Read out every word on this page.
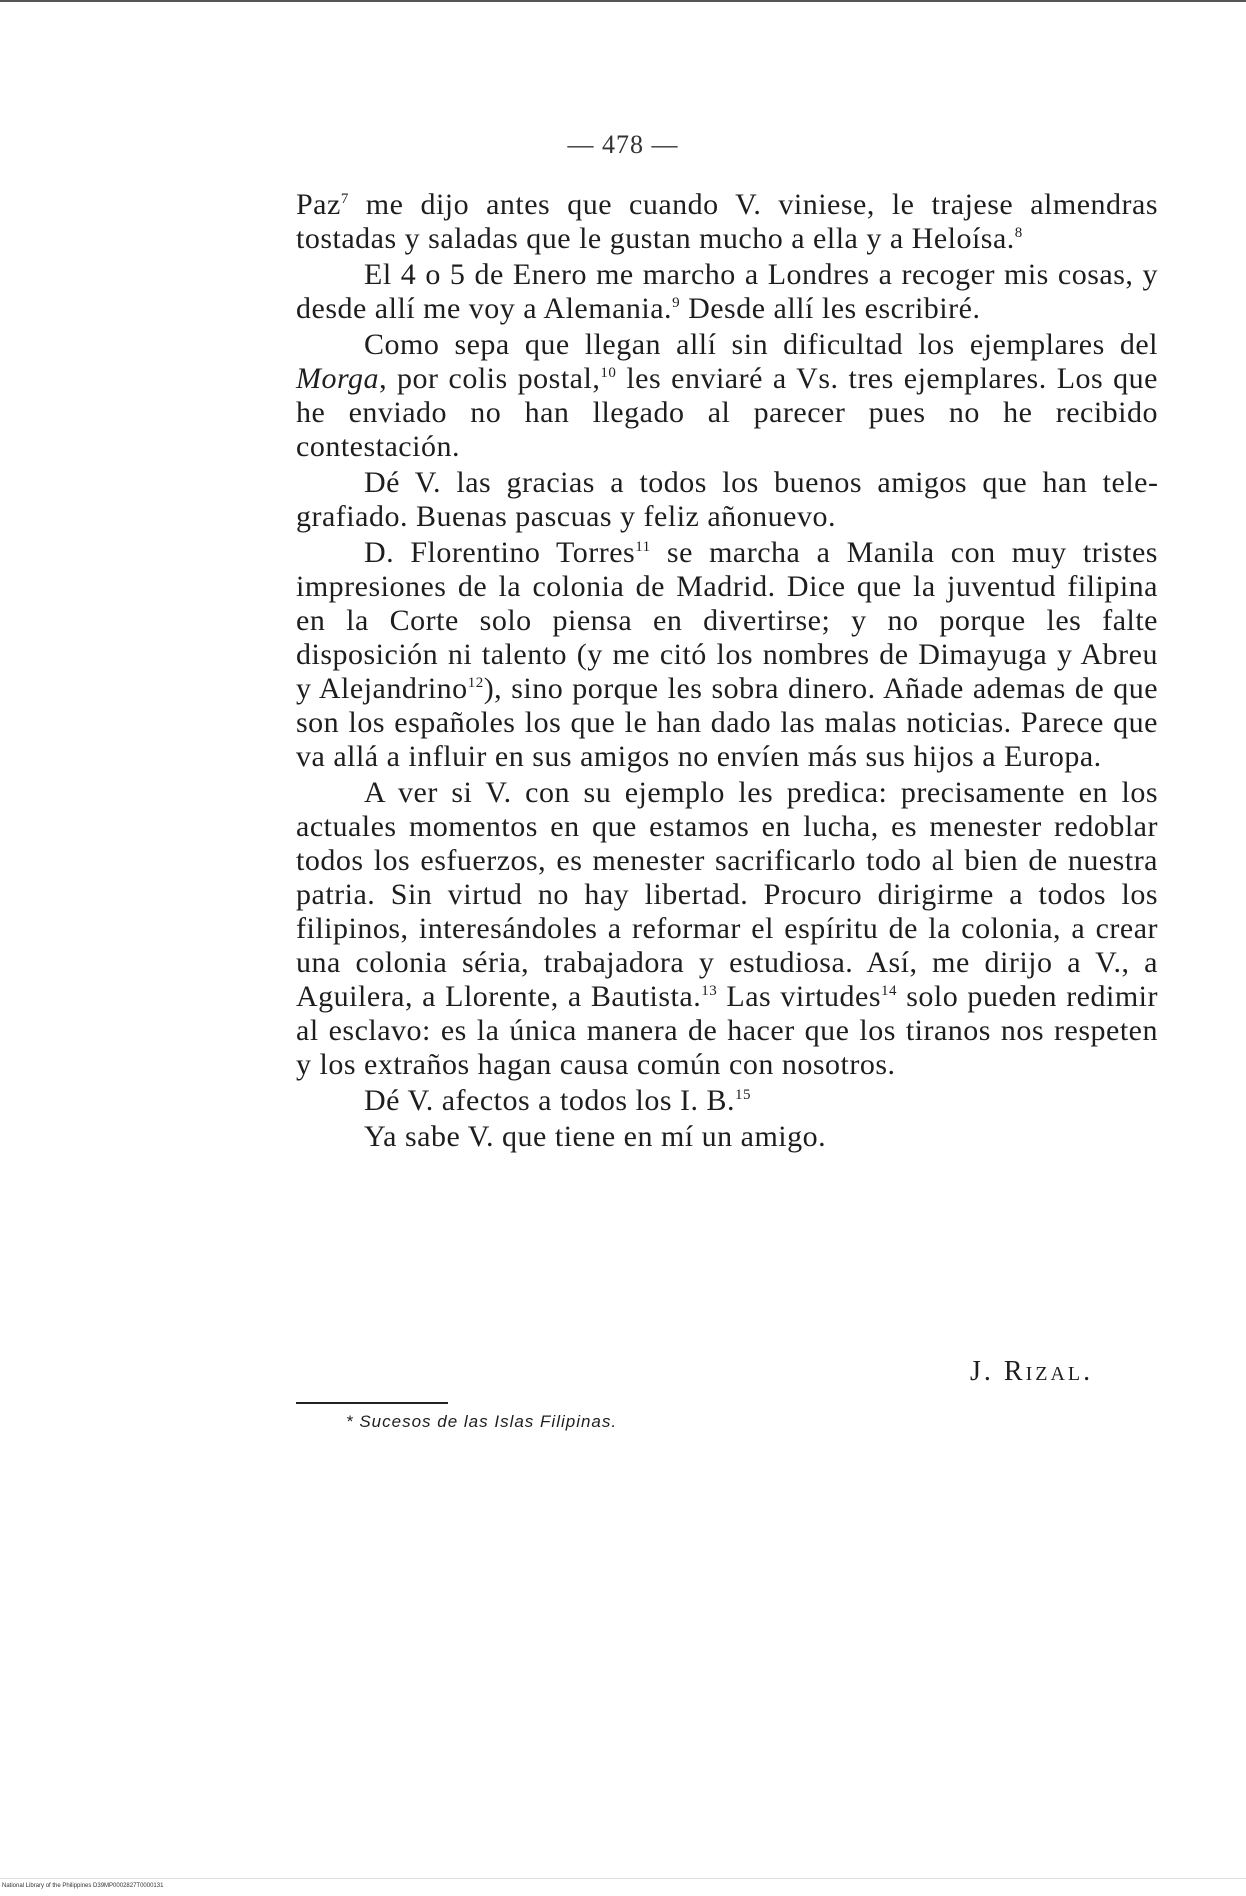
— 478 —

Paz$^7$ me dijo antes que cuando V. viniese, le trajese almendras tostadas y saladas que le gustan mucho a ella y a Heloísa.$^8$

El 4 o 5 de Enero me marcho a Londres a recoger mis cosas, y desde allí me voy a Alemania.$^9$ Desde allí les escribiré.

Como sepa que llegan allí sin dificultad los ejemplares del Morga, por colis postal,$^{10}$ les enviaré a Vs. tres ejemplares. Los que he enviado no han llegado al parecer pues no he recibido contestación.

Dé V. las gracias a todos los buenos amigos que han telegrafiado. Buenas pascuas y feliz añonuevo.

D. Florentino Torres$^{11}$ se marcha a Manila con muy tristes impresiones de la colonia de Madrid. Dice que la juventud filipina en la Corte solo piensa en divertirse; y no porque les falte disposición ni talento (y me citó los nombres de Dimayuga y Abreu y Alejandrino$^{12}$), sino porque les sobra dinero. Añade ademas de que son los españoles los que le han dado las malas noticias. Parece que va allá a influir en sus amigos no envíen más sus hijos a Europa.

A ver si V. con su ejemplo les predica: precisamente en los actuales momentos en que estamos en lucha, es menester redoblar todos los esfuerzos, es menester sacrificarlo todo al bien de nuestra patria. Sin virtud no hay libertad. Procuro dirigirme a todos los filipinos, interesándoles a reformar el espíritu de la colonia, a crear una colonia séria, trabajadora y estudiosa. Así, me dirijo a V., a Aguilera, a Llorente, a Bautista.$^{13}$ Las virtudes$^{14}$ solo pueden redimir al esclavo: es la única manera de hacer que los tiranos nos respeten y los extraños hagan causa común con nosotros.

Dé V. afectos a todos los I. B.$^{15}$

Ya sabe V. que tiene en mí un amigo.

J. Rizal.
* Sucesos de las Islas Filipinas.
National Library of the Philippines D39MP0002827T0000131
